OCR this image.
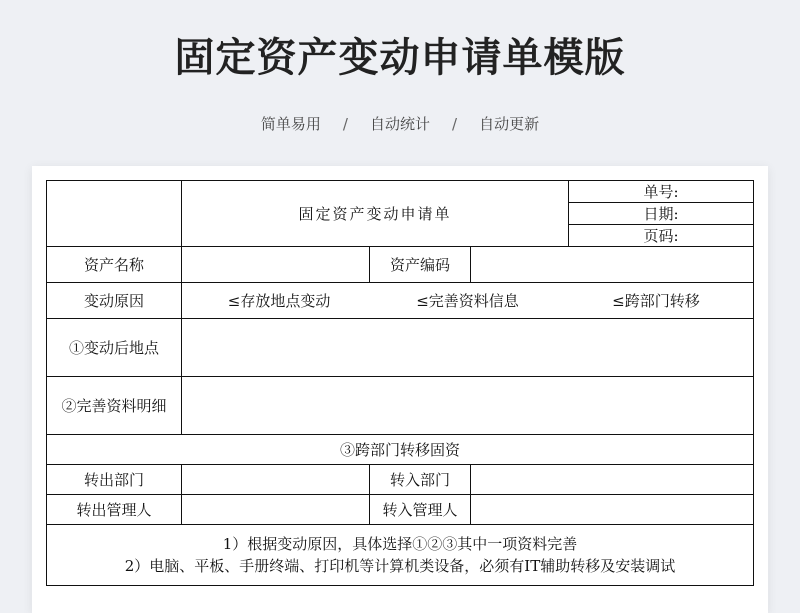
固定资产变动申请单模版
简单易用 / 自动统计 / 自动更新
	固定资产变动申请单			单号:
				日期:
				页码:
资产名称		资产编码		
变动原因	≤存放地点变动 ≤完善资料信息 ≤跨部门转移			
①变动后地点				
②完善资料明细				
③跨部门转移固资				
转出部门		转入部门		
转出管理人		转入管理人		

1）根据变动原因，具体选择①②③其中一项资料完善
2）电脑、平板、手册终端、打印机等计算机类设备，必须有IT辅助转移及安装调试				
